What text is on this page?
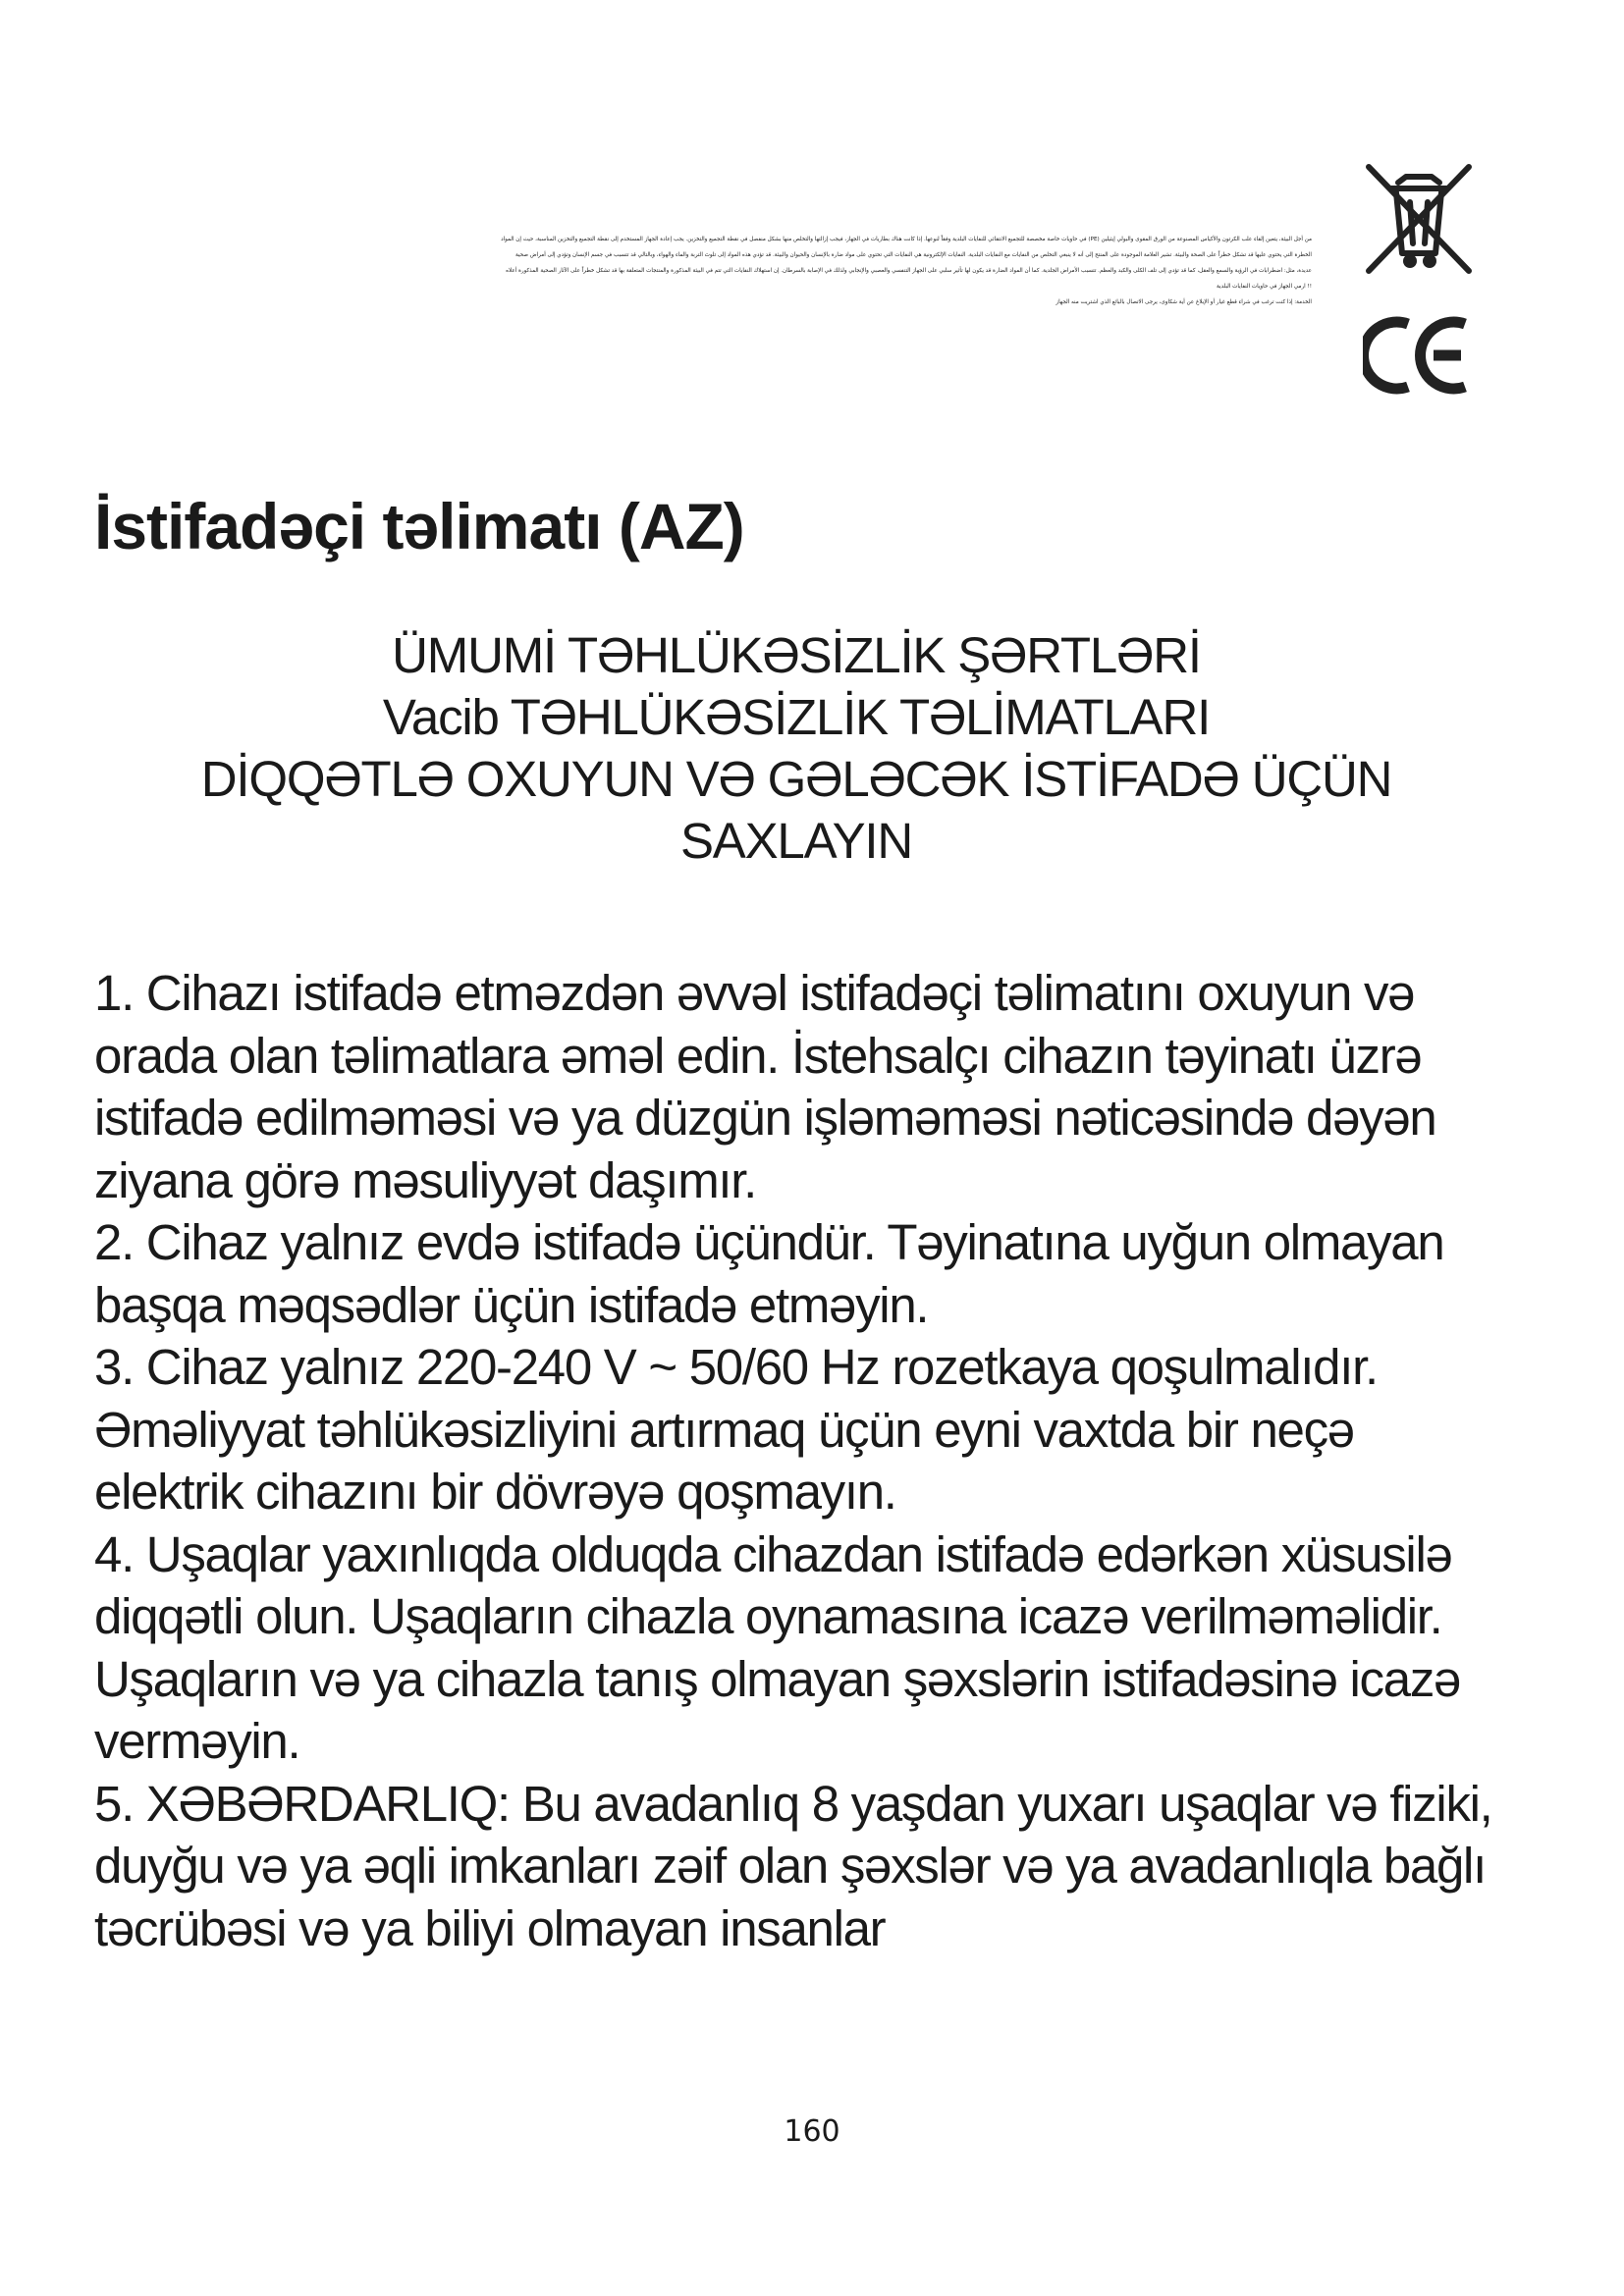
من أجل البيئة، يتعين إلقاء علب الكرتون والأكياس المصنوعة من الورق المقوى والبولي إيثيلين (PE) في حاويات خاصة مخصصة للتجميع الانتقائي للنفايات البلدية وفقاً لنوعها. إذا كانت هناك بطاريات في الجهاز، فيجب إزالتها والتخلص منها بشكل منفصل في نقطة التجميع والتخزين. يجب إعادة الجهاز المستخدم إلى نقطة التجميع والتخزين المناسبة، حيث إن المواد

الخطرة التي يحتوي عليها قد تشكل خطراً على الصحة والبيئة. تشير العلامة الموجودة على المنتج إلى أنه لا ينبغي التخلص من النفايات مع النفايات البلدية. النفايات الإلكترونية هي النفايات التي تحتوي على مواد ضارة بالإنسان والحيوان والبيئة. قد تؤدي هذه المواد إلى تلوث التربة والماء والهواء، وبالتالي قد تتسبب في جسم الإنسان وتؤدي إلى أمراض صحية

عديدة، مثل: اضطرابات في الرؤية والسمع والعقل، كما قد تؤدي إلى تلف الكلى والكبد والعظم. تتسبب الأمراض الجلدية. كما أن المواد الضارة قد يكون لها تأثير سلبي على الجهاز التنفسي والعصبي والإنجابي ولذلك في الإصابة بالسرطان. إن استهلاك النفايات التي تتم في البيئة المذكورة والمنتجات المتعلقة بها قد تشكل خطراً على الآثار الصحية المذكورة أعلاه

!! ارمي الجهاز في حاويات النفايات البلدية

الخدمة: إذا كنت ترغب في شراء قطع غيار أو الإبلاغ عن أية شكاوى، يرجى الاتصال بالبائع الذي اشتريت منه الجهاز

İstifadəçi təlimatı (AZ)
ÜMUMİ TƏHLÜKƏSİZLİK ŞƏRTLƏRİ
Vacib TƏHLÜKƏSİZLİK TƏLİMATLARI
DİQQƏTLƏ OXUYUN VƏ GƏLƏCƏK İSTİFADƏ ÜÇÜN
SAXLAYIN

1. Cihazı istifadə etməzdən əvvəl istifadəçi təlimatını oxuyun və orada olan təlimatlara əməl edin. İstehsalçı cihazın təyinatı üzrə istifadə edilməməsi və ya düzgün işləməməsi nəticəsində dəyən ziyana görə məsuliyyət daşımır.

2. Cihaz yalnız evdə istifadə üçündür. Təyinatına uyğun olmayan başqa məqsədlər üçün istifadə etməyin.

3. Cihaz yalnız 220-240 V ~ 50/60 Hz rozetkaya qoşulmalıdır. Əməliyyat təhlükəsizliyini artırmaq üçün eyni vaxtda bir neçə elektrik cihazını bir dövrəyə qoşmayın.

4. Uşaqlar yaxınlıqda olduqda cihazdan istifadə edərkən xüsusilə diqqətli olun. Uşaqların cihazla oynamasına icazə verilməməlidir. Uşaqların və ya cihazla tanış olmayan şəxslərin istifadəsinə icazə verməyin.

5. XƏBƏRDARLIQ: Bu avadanlıq 8 yaşdan yuxarı uşaqlar və fiziki, duyğu və ya əqli imkanları zəif olan şəxslər və ya avadanlıqla bağlı təcrübəsi və ya biliyi olmayan insanlar

160
